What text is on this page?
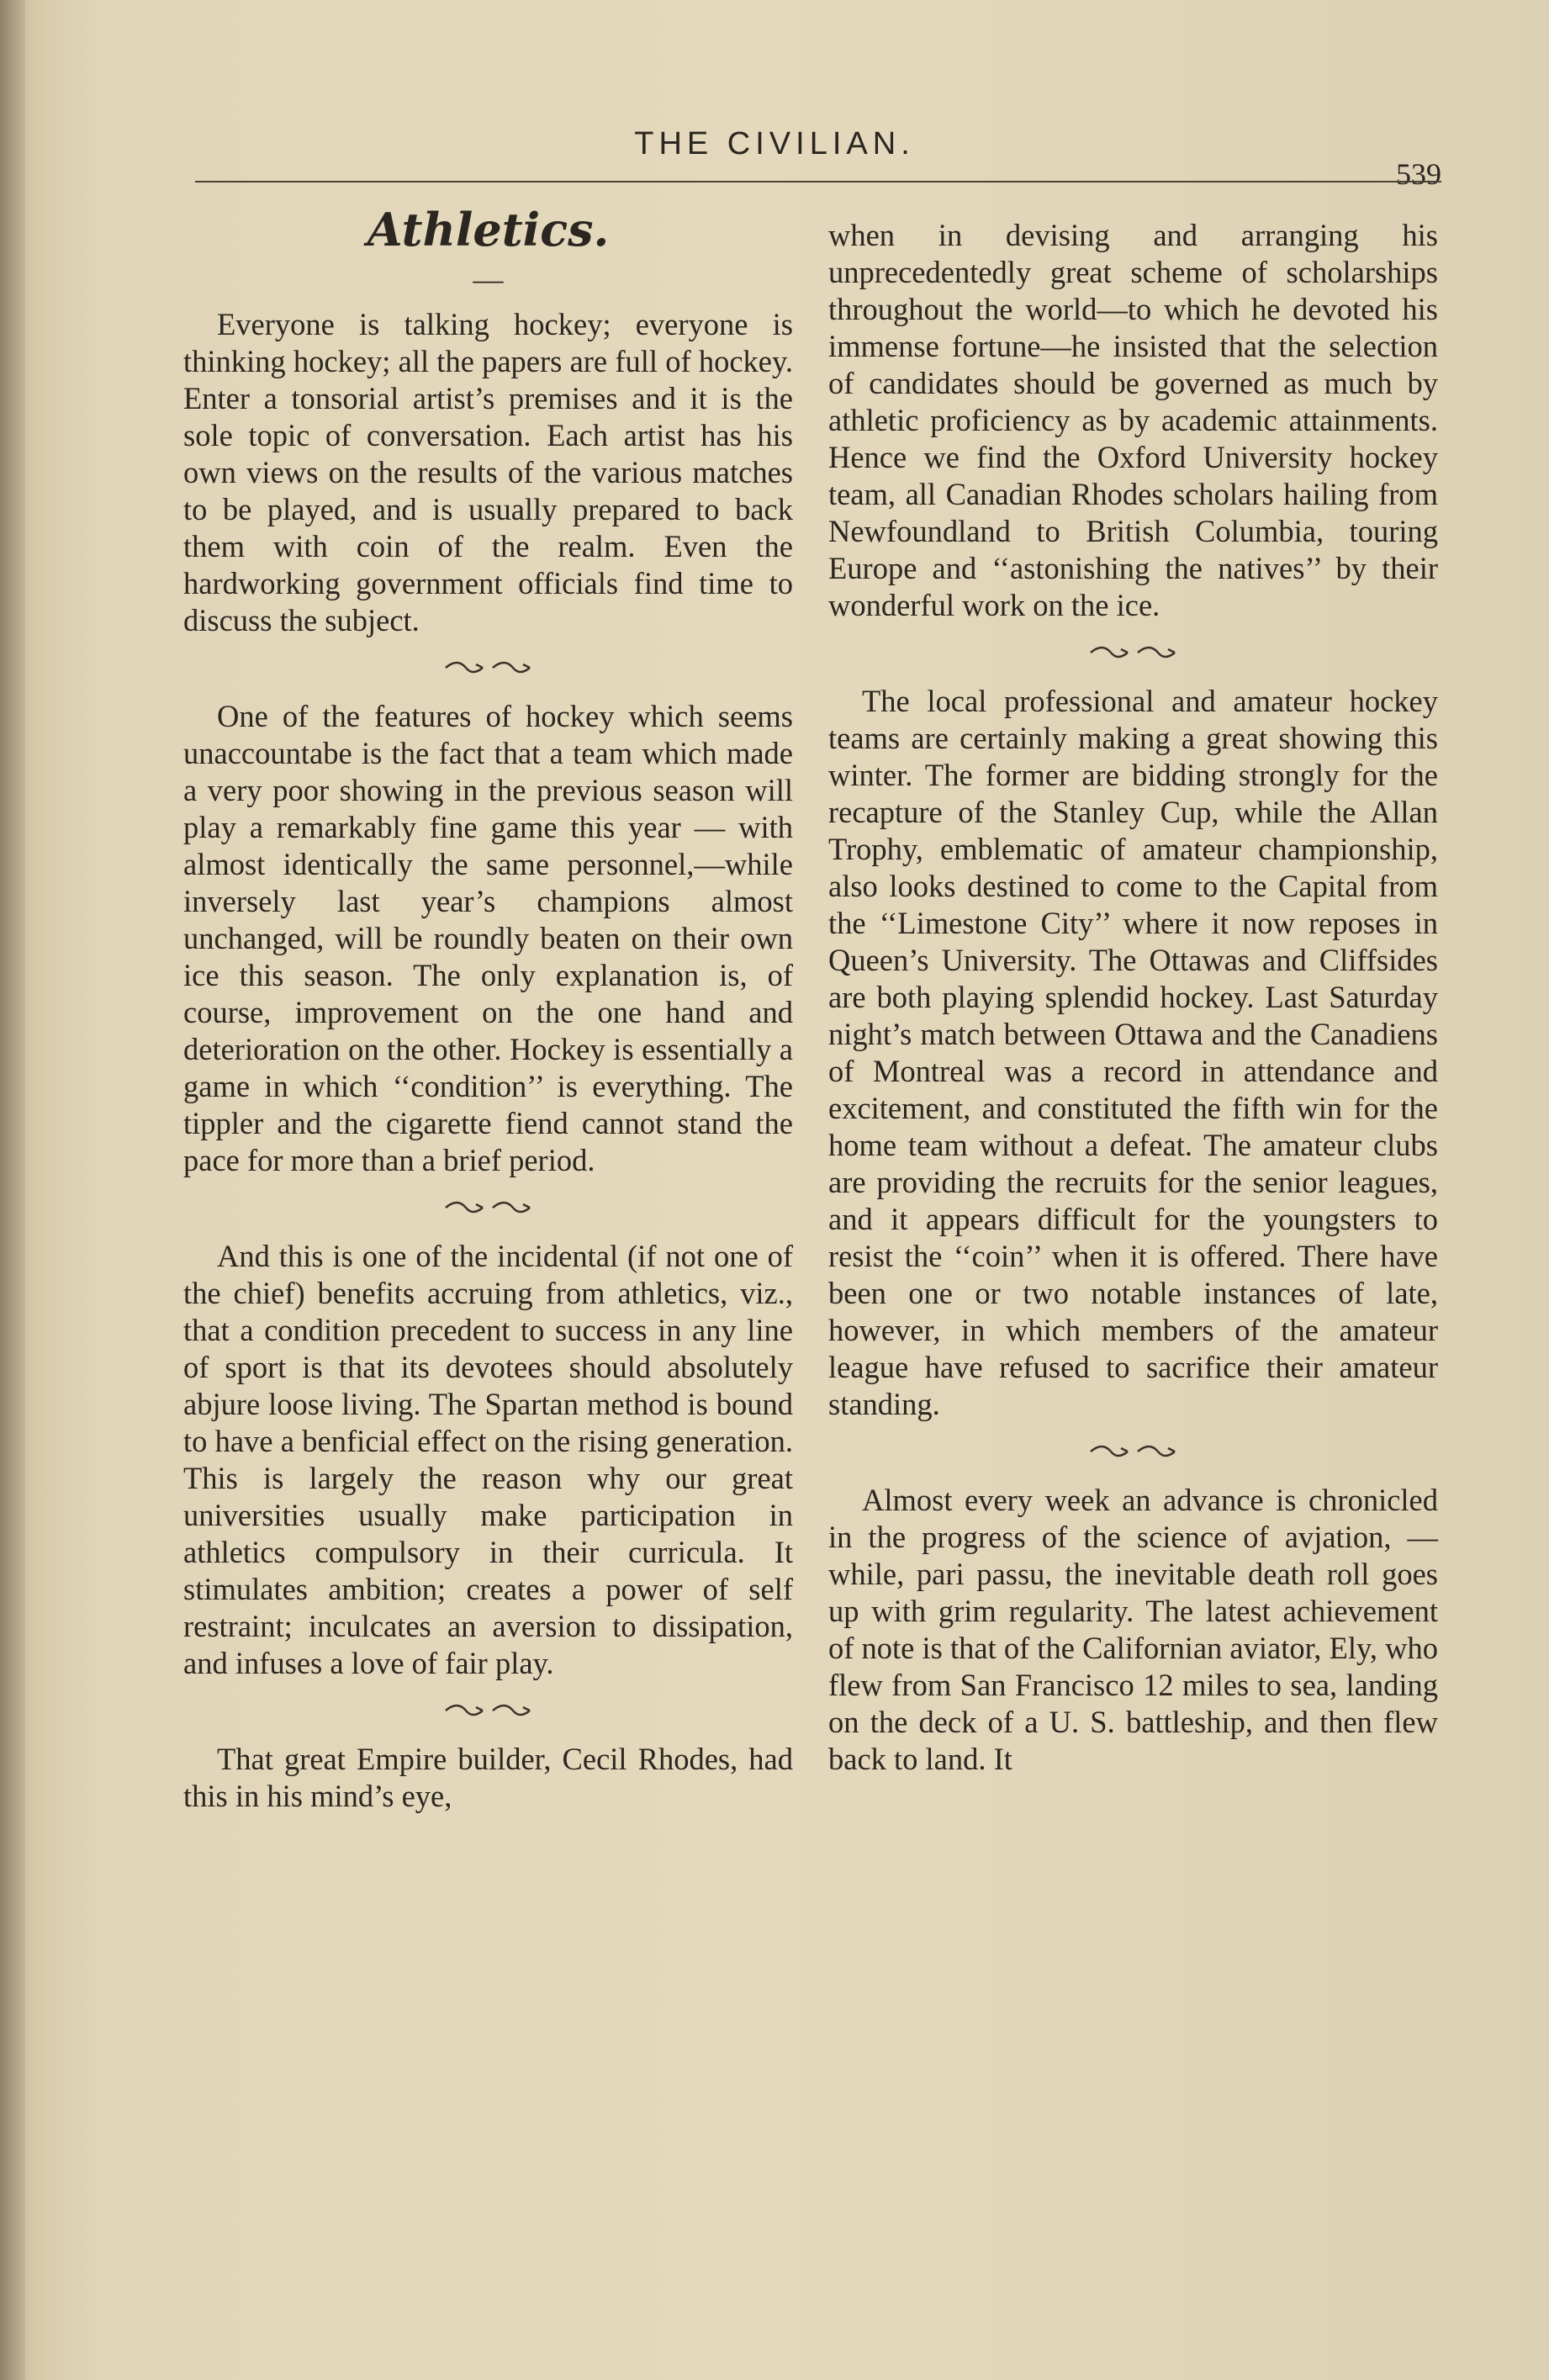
THE CIVILIAN.
539
Athletics.
—

Everyone is talking hockey; everyone is thinking hockey; all the papers are full of hockey. Enter a tonsorial artist’s premises and it is the sole topic of conversation. Each artist has his own views on the results of the various matches to be played, and is usually prepared to back them with coin of the realm. Even the hardworking government officials find time to discuss the subject.

One of the features of hockey which seems unaccountabe is the fact that a team which made a very poor showing in the previous season will play a remarkably fine game this year — with almost identically the same personnel,—while inversely last year’s champions almost unchanged, will be roundly beaten on their own ice this season. The only explanation is, of course, improvement on the one hand and deterioration on the other. Hockey is essentially a game in which ‘‘condition’’ is everything. The tippler and the cigarette fiend cannot stand the pace for more than a brief period.

And this is one of the incidental (if not one of the chief) benefits accruing from athletics, viz., that a condition precedent to success in any line of sport is that its devotees should absolutely abjure loose living. The Spartan method is bound to have a benficial effect on the rising generation. This is largely the reason why our great universities usually make participation in athletics compulsory in their curricula. It stimulates ambition; creates a power of self restraint; inculcates an aversion to dissipation, and infuses a love of fair play.

That great Empire builder, Cecil Rhodes, had this in his mind’s eye,

when in devising and arranging his unprecedentedly great scheme of scholarships throughout the world—to which he devoted his immense fortune—he insisted that the selection of candidates should be governed as much by athletic proficiency as by academic attainments. Hence we find the Oxford University hockey team, all Canadian Rhodes scholars hailing from Newfoundland to British Columbia, touring Europe and ‘‘astonishing the natives’’ by their wonderful work on the ice.

The local professional and amateur hockey teams are certainly making a great showing this winter. The former are bidding strongly for the recapture of the Stanley Cup, while the Allan Trophy, emblematic of amateur championship, also looks destined to come to the Capital from the ‘‘Limestone City’’ where it now reposes in Queen’s University. The Ottawas and Cliffsides are both playing splendid hockey. Last Saturday night’s match between Ottawa and the Canadiens of Montreal was a record in attendance and excitement, and constituted the fifth win for the home team without a defeat. The amateur clubs are providing the recruits for the senior leagues, and it appears difficult for the youngsters to resist the ‘‘coin’’ when it is offered. There have been one or two notable instances of late, however, in which members of the amateur league have refused to sacrifice their amateur standing.

Almost every week an advance is chronicled in the progress of the science of avjation, — while, pari passu, the inevitable death roll goes up with grim regularity. The latest achievement of note is that of the Californian aviator, Ely, who flew from San Francisco 12 miles to sea, landing on the deck of a U. S. battleship, and then flew back to land. It
